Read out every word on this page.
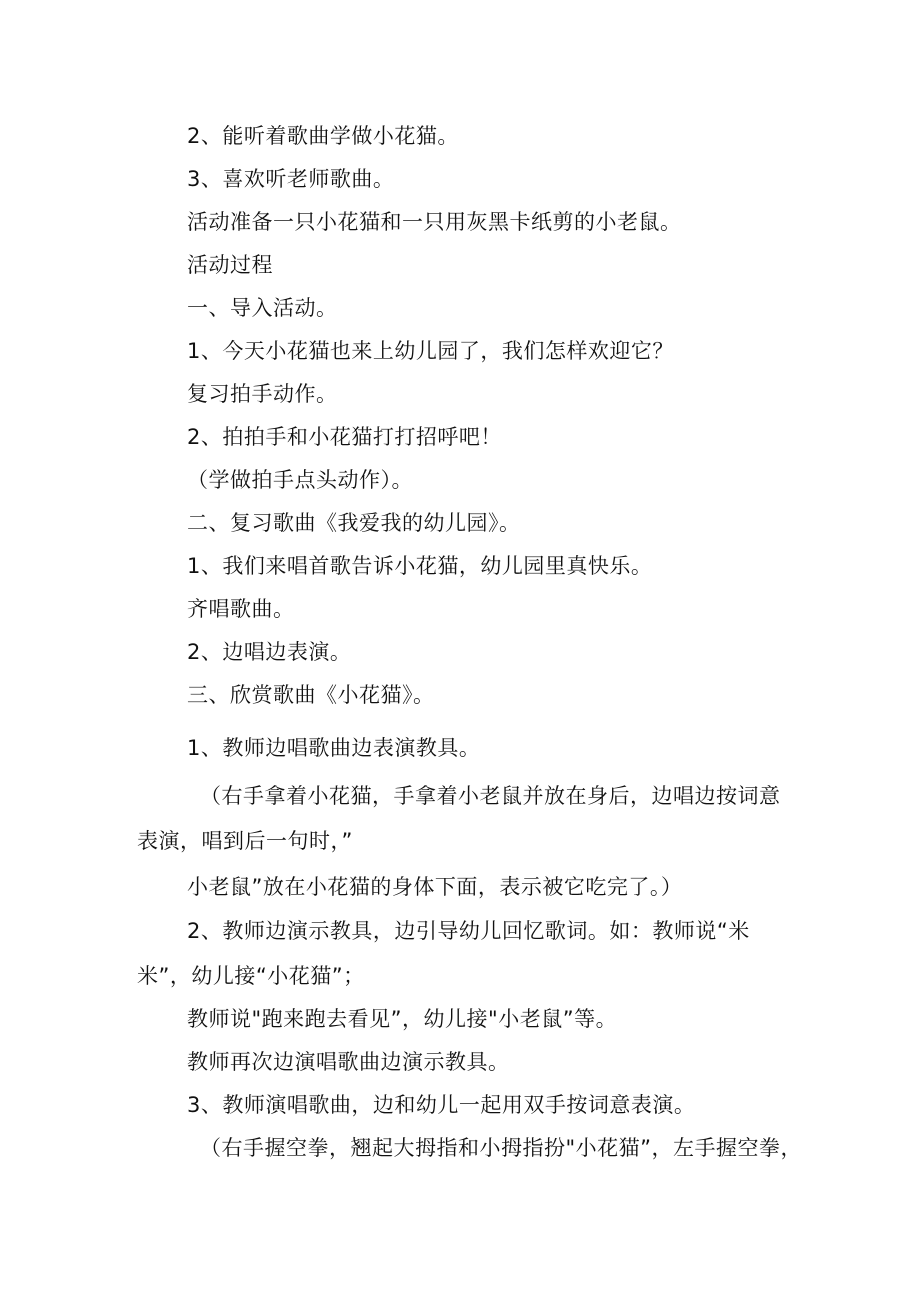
2、能听着歌曲学做小花猫。
3、喜欢听老师歌曲。
活动准备一只小花猫和一只用灰黑卡纸剪的小老鼠。
活动过程
一、导入活动。
1、今天小花猫也来上幼儿园了，我们怎样欢迎它？
复习拍手动作。
2、拍拍手和小花猫打打招呼吧！
（学做拍手点头动作）。
二、复习歌曲《我爱我的幼儿园》。
1、我们来唱首歌告诉小花猫，幼儿园里真快乐。
齐唱歌曲。
2、边唱边表演。
三、欣赏歌曲《小花猫》。
1、教师边唱歌曲边表演教具。
（右手拿着小花猫，手拿着小老鼠并放在身后，边唱边按词意
表演，唱到后一句时，”
小老鼠”放在小花猫的身体下面，表示被它吃完了。）
2、教师边演示教具，边引导幼儿回忆歌词。如：教师说“米
米”，幼儿接“小花猫”；
教师说"跑来跑去看见”，幼儿接"小老鼠”等。
教师再次边演唱歌曲边演示教具。
3、教师演唱歌曲，边和幼儿一起用双手按词意表演。
（右手握空拳，翘起大拇指和小拇指扮"小花猫”，左手握空拳，
